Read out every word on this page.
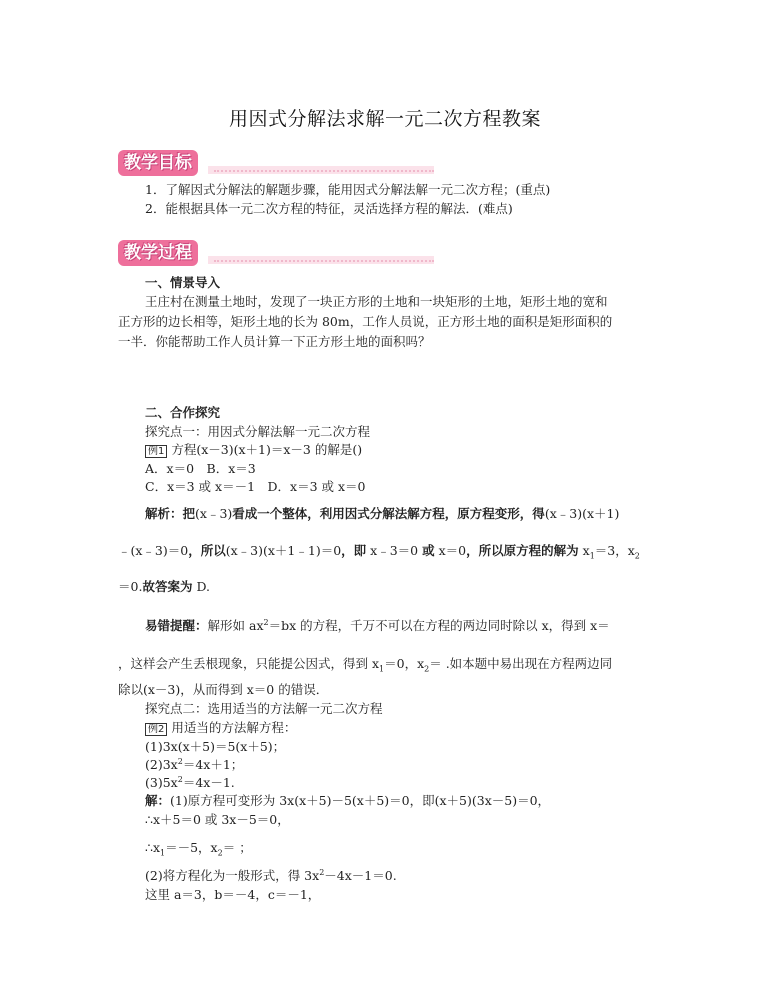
用因式分解法求解一元二次方程教案
教学目标
1．了解因式分解法的解题步骤，能用因式分解法解一元二次方程；(重点)
2．能根据具体一元二次方程的特征，灵活选择方程的解法．(难点)
教学过程
一、情景导入
王庄村在测量土地时，发现了一块正方形的土地和一块矩形的土地，矩形土地的宽和
正方形的边长相等，矩形土地的长为 80m，工作人员说，正方形土地的面积是矩形面积的
一半．你能帮助工作人员计算一下正方形土地的面积吗？
二、合作探究
探究点一：用因式分解法解一元二次方程
例1 方程(x－3)(x＋1)＝x－3 的解是()
A．x＝0　B．x＝3
C．x＝3 或 x＝－1　D．x＝3 或 x＝0
解析：把(x﹣3)看成一个整体，利用因式分解法解方程，原方程变形，得(x﹣3)(x＋1)
﹣(x﹣3)＝0，所以(x﹣3)(x＋1﹣1)＝0，即 x﹣3＝0 或 x＝0，所以原方程的解为 $x_1=3$，$x_2$
＝0.故答案为 D.
易错提醒：解形如 $ax^2=bx$ 的方程，千万不可以在方程的两边同时除以 x，得到 x＝
，这样会产生丢根现象，只能提公因式，得到 $x_1=0$，$x_2=$ .如本题中易出现在方程两边同
除以(x－3)，从而得到 x＝0 的错误．
探究点二：选用适当的方法解一元二次方程
例2 用适当的方法解方程：
(1)3x(x＋5)＝5(x＋5)；
$(2)3x^2=4x+1$；
$(3)5x^2=4x-1$.
解：(1)原方程可变形为 3x(x＋5)－5(x＋5)＝0，即(x＋5)(3x－5)＝0，
∴x＋5＝0 或 3x－5＝0，
$\therefore x_1=-5$，$x_2=$ ；
(2)将方程化为一般形式，得 $3x^2-4x-1=0$.
这里 a＝3，b＝－4，c＝－1，
